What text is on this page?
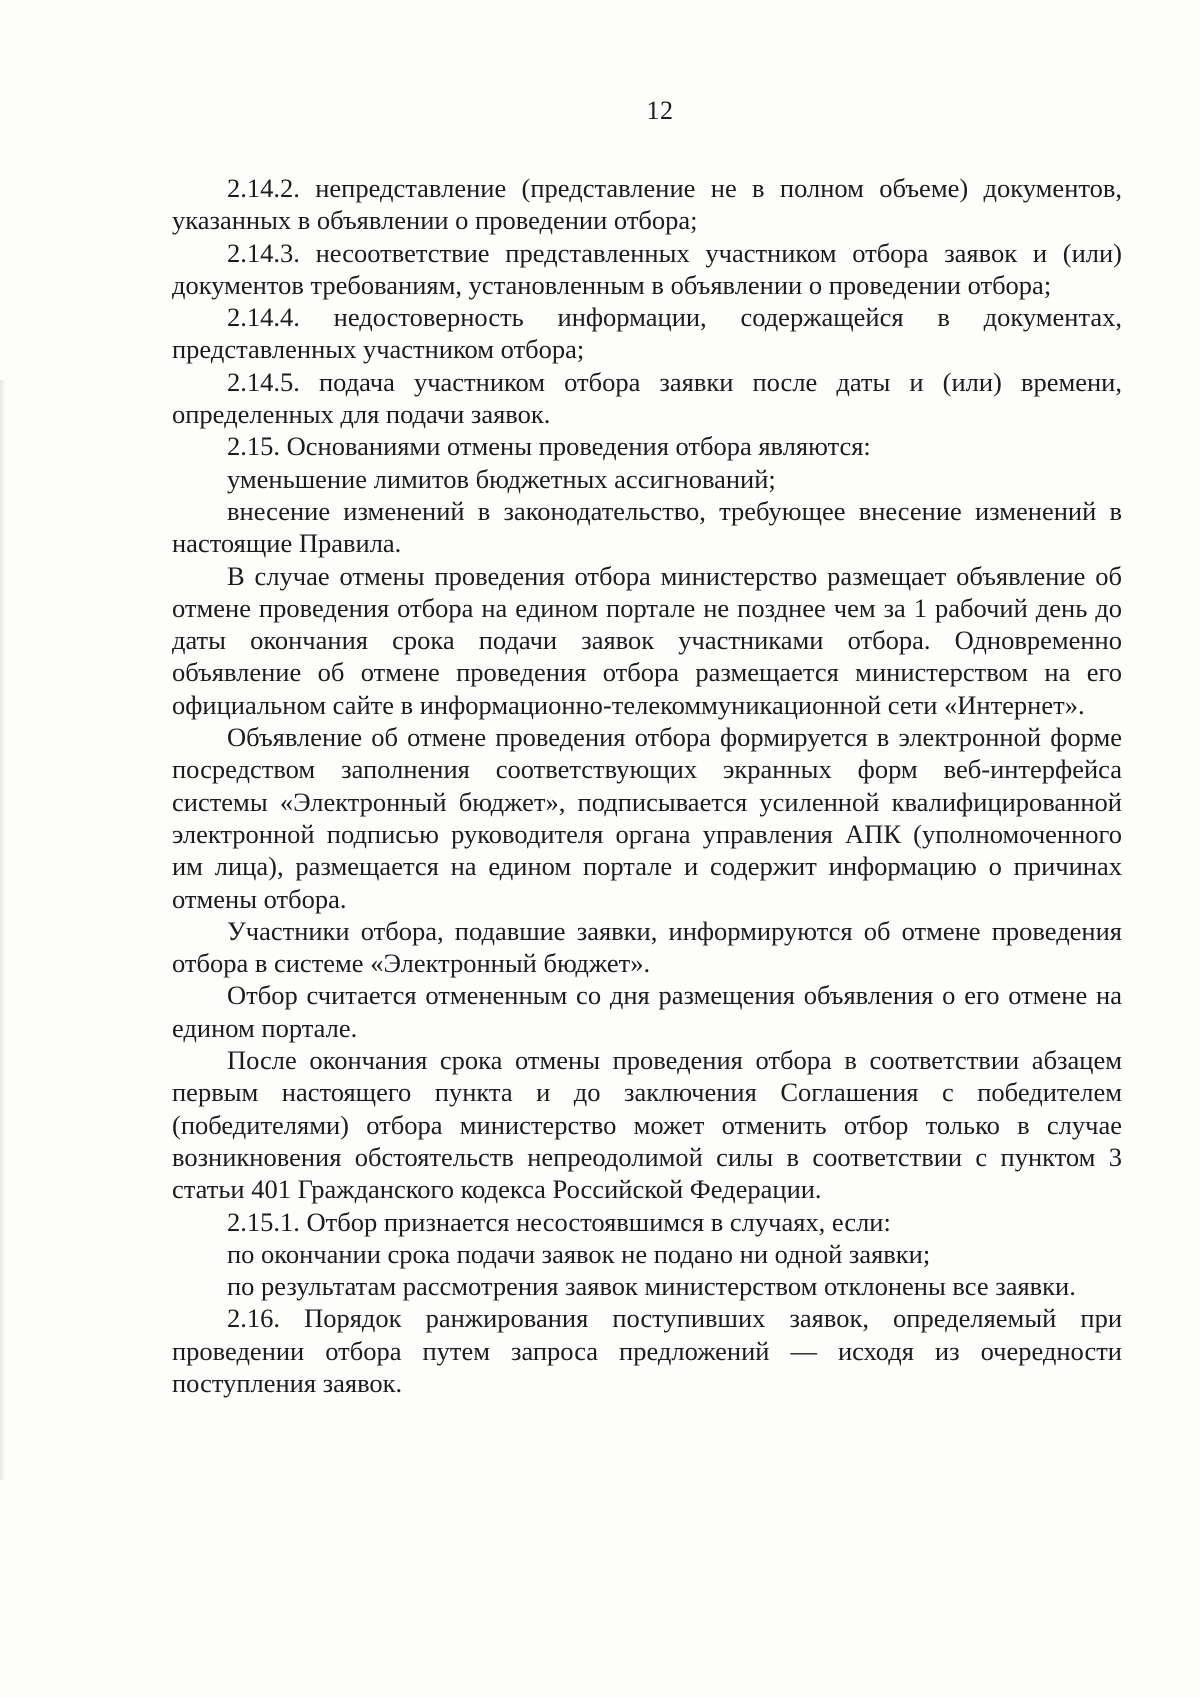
12

2.14.2. непредставление (представление не в полном объеме) документов, указанных в объявлении о проведении отбора;

2.14.3. несоответствие представленных участником отбора заявок и (или) документов требованиям, установленным в объявлении о проведении отбора;

2.14.4. недостоверность информации, содержащейся в документах, представленных участником отбора;

2.14.5. подача участником отбора заявки после даты и (или) времени, определенных для подачи заявок.

2.15. Основаниями отмены проведения отбора являются:

уменьшение лимитов бюджетных ассигнований;

внесение изменений в законодательство, требующее внесение изменений в настоящие Правила.

В случае отмены проведения отбора министерство размещает объявление об отмене проведения отбора на едином портале не позднее чем за 1 рабочий день до даты окончания срока подачи заявок участниками отбора. Одновременно объявление об отмене проведения отбора размещается министерством на его официальном сайте в информационно-телекоммуникационной сети «Интернет».

Объявление об отмене проведения отбора формируется в электронной форме посредством заполнения соответствующих экранных форм веб-интерфейса системы «Электронный бюджет», подписывается усиленной квалифицированной электронной подписью руководителя органа управления АПК (уполномоченного им лица), размещается на едином портале и содержит информацию о причинах отмены отбора.

Участники отбора, подавшие заявки, информируются об отмене проведения отбора в системе «Электронный бюджет».

Отбор считается отмененным со дня размещения объявления о его отмене на едином портале.

После окончания срока отмены проведения отбора в соответствии абзацем первым настоящего пункта и до заключения Соглашения с победителем (победителями) отбора министерство может отменить отбор только в случае возникновения обстоятельств непреодолимой силы в соответствии с пунктом 3 статьи 401 Гражданского кодекса Российской Федерации.

2.15.1. Отбор признается несостоявшимся в случаях, если:

по окончании срока подачи заявок не подано ни одной заявки;

по результатам рассмотрения заявок министерством отклонены все заявки.

2.16. Порядок ранжирования поступивших заявок, определяемый при проведении отбора путем запроса предложений — исходя из очередности поступления заявок.
